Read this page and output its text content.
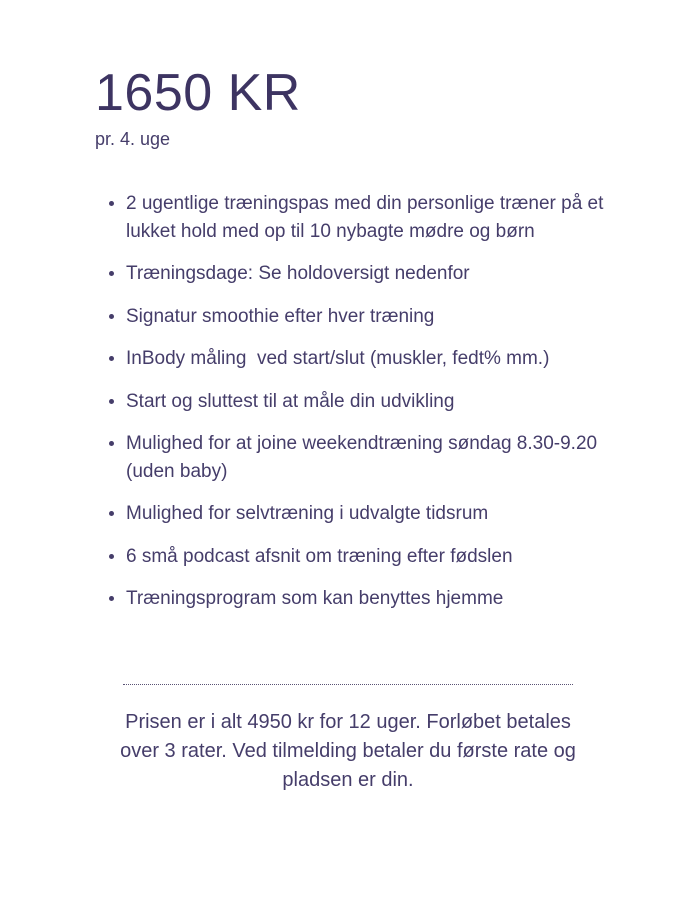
1650 KR
pr. 4. uge
• 2 ugentlige træningspas med din personlige træner på et lukket hold med op til 10 nybagte mødre og børn
• Træningsdage: Se holdoversigt nedenfor
• Signatur smoothie efter hver træning
• InBody måling  ved start/slut (muskler, fedt% mm.)
• Start og sluttest til at måle din udvikling
• Mulighed for at joine weekendtræning søndag 8.30-9.20 (uden baby)
• Mulighed for selvtræning i udvalgte tidsrum
• 6 små podcast afsnit om træning efter fødslen
• Træningsprogram som kan benyttes hjemme

Prisen er i alt 4950 kr for 12 uger. Forløbet betales over 3 rater. Ved tilmelding betaler du første rate og pladsen er din.
